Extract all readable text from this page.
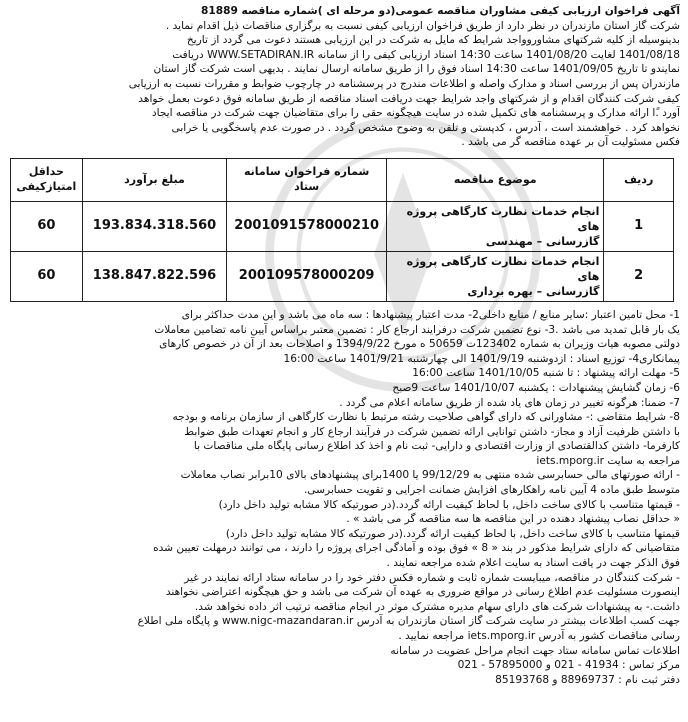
آگهی فراخوان ارزیابی کیفی مشاوران مناقصه عمومی(دو مرحله ای )شماره مناقصه 81889

شرکت گاز استان مازندران در نظر دارد از طریق فراخوان ارزیابی کیفی نسبت به برگزاری مناقصات ذیل اقدام نماید .

بدینوسیله از کلیه شرکتهای مشاوروواجد شرایط که مایل به شرکت در این ارزیابی هستند دعوت می گردد از تاریخ

1401/08/18 لغایت 1401/08/20 ساعت 14:30 اسناد ارزیابی کیفی را از سامانه WWW.SETADIRAN.IR دریافت

نمایندو تا تاریخ 1401/09/05 ساعت 14:30 اسناد فوق را از طریق سامانه ارسال نمایند . بدیهی است شرکت گاز استان

مازندران پس از بررسی اسناد و مدارک واصله و اطلاعات مندرج در پرسشنامه در چارچوب ضوابط و مقررات نسبت به ارزیابی

کیفی شرکت کنندگان اقدام و از شرکتهای واجد شرایط جهت دریافت اسناد مناقصه از طریق سامانه فوق دعوت بعمل خواهد

آورد .ًا ارائه مدارک و پرسشنامه های تکمیل شده در سایت هیچگونه حقی را برای متقاضیان جهت شرکت در مناقصه ایجاد

نخواهد کرد . خواهشمند است ، آدرس ، کدپستی و تلفن به وضوح مشخص گردد . در صورت عدم پاسخگویی یا خرابی

فکس مسئولیت آن بر عهده مناقصه گر می باشد .

ردیف	موضوع مناقصه	شماره فراخوان سامانه ستاد	مبلغ برآورد	حداقل امتیازکیفی
1	انجام خدمات نظارت کارگاهی پروژه های
گازرسانی – مهندسی	2001091578000210	193.834.318.560	60
2	انجام خدمات نظارت کارگاهی پروژه های
گازرسانی – بهره برداری	200109578000209	138.847.822.596	60

1- محل تامین اعتبار :سایر منابع / منابع داخلی2- مدت اعتبار پیشنهادها : سه ماه می باشد و این مدت حداکثر برای

یک بار قابل تمدید می باشد .3- نوع تضمین شرکت درفرایند ارجاع کار : تضمین معتبر براساس آیین نامه تضامین معاملات

دولتی مصوبه هیات وزیران به شماره 123402ت 50659 ه مورخ 1394/9/22 و اصلاحات بعد از آن در خصوص کارهای

پیمانکاری4- توزیع اسناد : ازدوشنبه 1401/9/19 الی چهارشنبه 1401/9/21 ساعت 16:00

5- مهلت ارائه پیشنهاد : تا شنبه 1401/10/05 ساعت 16:00

6- زمان گشایش پیشنهادات : یکشنبه 1401/10/07 ساعت 9صبح

7- ضمنا: هرگونه تغییر در زمان های یاد شده از طریق سامانه اعلام می گردد .

8- شرایط متقاضی :- مشاورانی که دارای گواهی صلاحیت رشته مرتبط با نظارت کارگاهی از سازمان برنامه و بودجه

با داشتن ظرفیت آزاد و مجاز- داشتن توانایی ارائه تضمین شرکت در فرآیند ارجاع کار و انجام تعهدات طبق ضوابط

کارفرما- داشتن کدالقتصادی از وزارت اقتصادی و دارایی- ثبت نام و اخذ کد اطلاع رسانی پایگاه ملی مناقصات با

مراجعه به سایت iets.mporg.ir

- ارائه صورتهای مالی حسابرسی شده منتهی به 99/12/29 یا 1400برای پیشنهادهای بالای 10برابر نصاب معاملات

متوسط طبق ماده 4 آیین نامه راهکارهای افزایش ضمانت اجرایی و تقویت حسابرسی.

- قیمتها متناسب با کالای ساخت داخل, با لحاظ کیفیت ارائه گردد.(در صورتیکه کالا مشابه تولید داخل دارد)

« حداقل نصاب پیشنهاد دهنده در این مناقصه ها سه مناقصه گر می باشد » .

قیمتها متناسب با کالای ساخت داخل, با لحاظ کیفیت ارائه گردد.(در صورتیکه کالا مشابه تولید داخل دارد)

متقاضیانی که دارای شرایط مذکور در بند « 8 » فوق بوده و آمادگی اجرای پروژه را دارند ، می توانند درمهلت تعیین شده

فوق الذکر جهت در یافت اسناد به سایت اعلام شده مراجعه نمایند .

- شرکت کنندگان در مناقصه، میبایست شماره ثابت و شماره فکس دفتر خود را در سامانه ستاد ارائه نمایند در غیر

اینصورت مسئولیت عدم اطلاع رسانی در مواقع ضروری به عهده آن شرکت می باشد و حق هیچگونه اعتراضی نخواهند

داشت.- به پیشنهادات شرکت های دارای سهام مدیره مشترک موثر در انجام مناقصه ترتیب اثر داده نخواهد شد.

جهت کسب اطلاعات بیشتر در سایت شرکت گاز استان مازندران به آدرس www.nigc-mazandaran.ir و پایگاه ملی اطلاع

رسانی مناقصات کشور به آدرس iets.mporg.ir مراجعه نمایید .

اطلاعات تماس سامانه ستاد جهت انجام مراحل عضویت در سامانه

مرکز تماس : 41934 - 021 و 57895000 - 021

دفتر ثبت نام : 88969737 و 85193768
